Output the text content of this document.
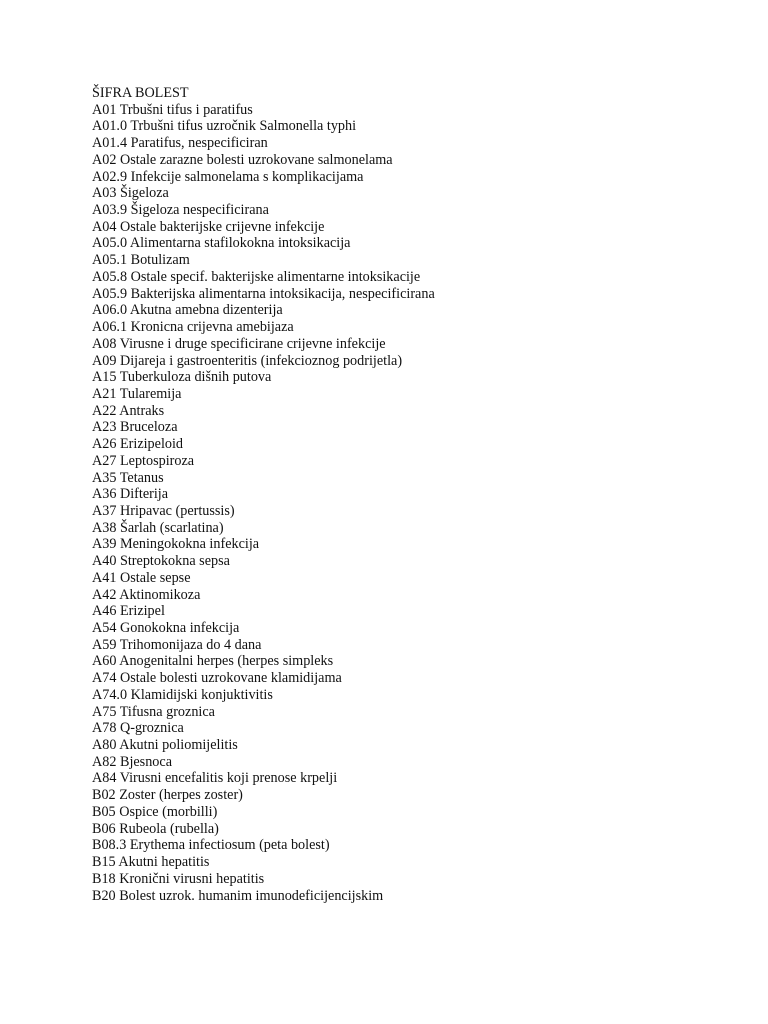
ŠIFRA BOLEST
A01 Trbušni tifus i paratifus
A01.0 Trbušni tifus uzročnik Salmonella typhi
A01.4 Paratifus, nespecificiran
A02 Ostale zarazne bolesti uzrokovane salmonelama
A02.9 Infekcije salmonelama s komplikacijama
A03 Šigeloza
A03.9 Šigeloza nespecificirana
A04 Ostale bakterijske crijevne infekcije
A05.0 Alimentarna stafilokokna intoksikacija
A05.1 Botulizam
A05.8 Ostale specif. bakterijske alimentarne intoksikacije
A05.9 Bakterijska alimentarna intoksikacija, nespecificirana
A06.0 Akutna amebna dizenterija
A06.1 Kronicna crijevna amebijaza
A08 Virusne i druge specificirane crijevne infekcije
A09 Dijareja i gastroenteritis (infekcioznog podrijetla)
A15 Tuberkuloza dišnih putova
A21 Tularemija
A22 Antraks
A23 Bruceloza
A26 Erizipeloid
A27 Leptospiroza
A35 Tetanus
A36 Difterija
A37 Hripavac (pertussis)
A38 Šarlah (scarlatina)
A39 Meningokokna infekcija
A40 Streptokokna sepsa
A41 Ostale sepse
A42 Aktinomikoza
A46 Erizipel
A54 Gonokokna infekcija
A59 Trihomonijaza do 4 dana
A60 Anogenitalni herpes (herpes simpleks
A74 Ostale bolesti uzrokovane klamidijama
A74.0 Klamidijski konjuktivitis
A75 Tifusna groznica
A78 Q-groznica
A80 Akutni poliomijelitis
A82 Bjesnoca
A84 Virusni encefalitis koji prenose krpelji
B02 Zoster (herpes zoster)
B05 Ospice (morbilli)
B06 Rubeola (rubella)
B08.3 Erythema infectiosum (peta bolest)
B15 Akutni hepatitis
B18 Kronični virusni hepatitis
B20 Bolest uzrok. humanim imunodeficijencijskim
